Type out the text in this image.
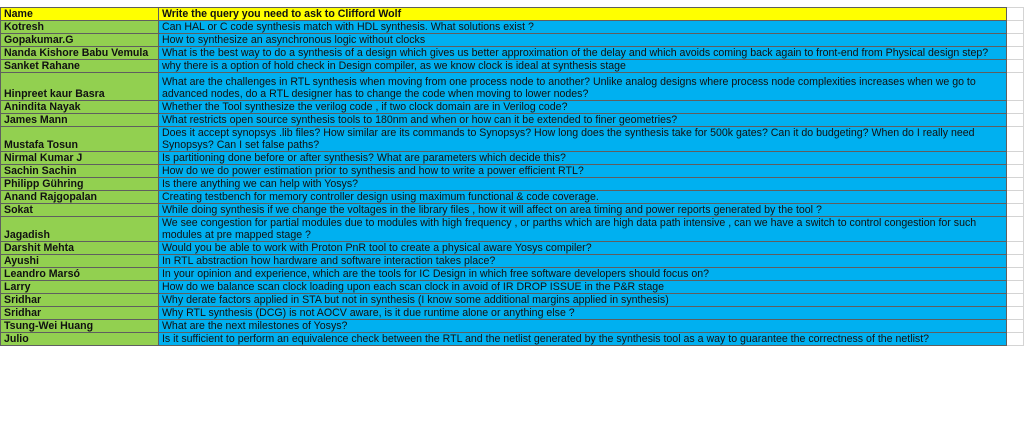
Name	Write the query you need to ask to Clifford Wolf	
Kotresh	Can HAL or C code synthesis match with HDL synthesis. What solutions exist ?	
Gopakumar.G	How to synthesize an asynchronous logic without clocks	
Nanda Kishore Babu Vemula	What is the best way to do a synthesis of a design which gives us better approximation of the delay and which avoids coming back again to front-end from Physical design step?	
Sanket Rahane	why there is a option of hold check in Design compiler, as we know clock is ideal at synthesis stage	
Hinpreet kaur Basra	What are the challenges in RTL synthesis when moving from one process node to another? Unlike analog designs where process node complexities increases when we go to advanced nodes, do a RTL designer has to change the code when moving to lower nodes?	
Anindita Nayak	Whether the Tool synthesize the verilog code , if two clock domain are in Verilog code?	
James Mann	What restricts open source synthesis tools to 180nm and when or how can it be extended to finer geometries?	
Mustafa Tosun	Does it accept synopsys .lib files? How similar are its commands to Synopsys? How long does the synthesis take for 500k gates? Can it do budgeting? When do I really need Synopsys? Can I set false paths?	
Nirmal Kumar J	Is partitioning done before or after synthesis? What are parameters which decide this?	
Sachin Sachin	How do we do power estimation prior to synthesis and how to write a power efficient RTL?	
Philipp Gühring	Is there anything we can help with Yosys?	
Anand Rajgopalan	Creating testbench for memory controller design using maximum functional & code coverage.	
Sokat	While doing synthesis if we change the voltages in the library files , how it will affect on area timing and power reports generated by the tool ?	
Jagadish	We see congestion for partial modules due to modules with high frequency , or parths which are high data path intensive , can we have a switch to control congestion for such modules at pre mapped stage ?	
Darshit Mehta	Would you be able to work with Proton PnR tool to create a physical aware Yosys compiler?	
Ayushi	In RTL abstraction how hardware and software interaction takes place?	
Leandro Marsó	In your opinion and experience, which are the tools for IC Design in which free software developers should focus on?	
Larry	How do we balance scan clock loading upon each scan clock in avoid of IR DROP ISSUE in the P&R stage	
Sridhar	Why derate factors applied in STA but not in synthesis (I know some additional margins applied in synthesis)	
Sridhar	Why RTL synthesis (DCG) is not AOCV aware, is it due runtime alone or anything else ?	
Tsung-Wei Huang	What are the next milestones of Yosys?	
Julio	Is it sufficient to perform an equivalence check between the RTL and the netlist generated by the synthesis tool as a way to guarantee the correctness of the netlist?	
